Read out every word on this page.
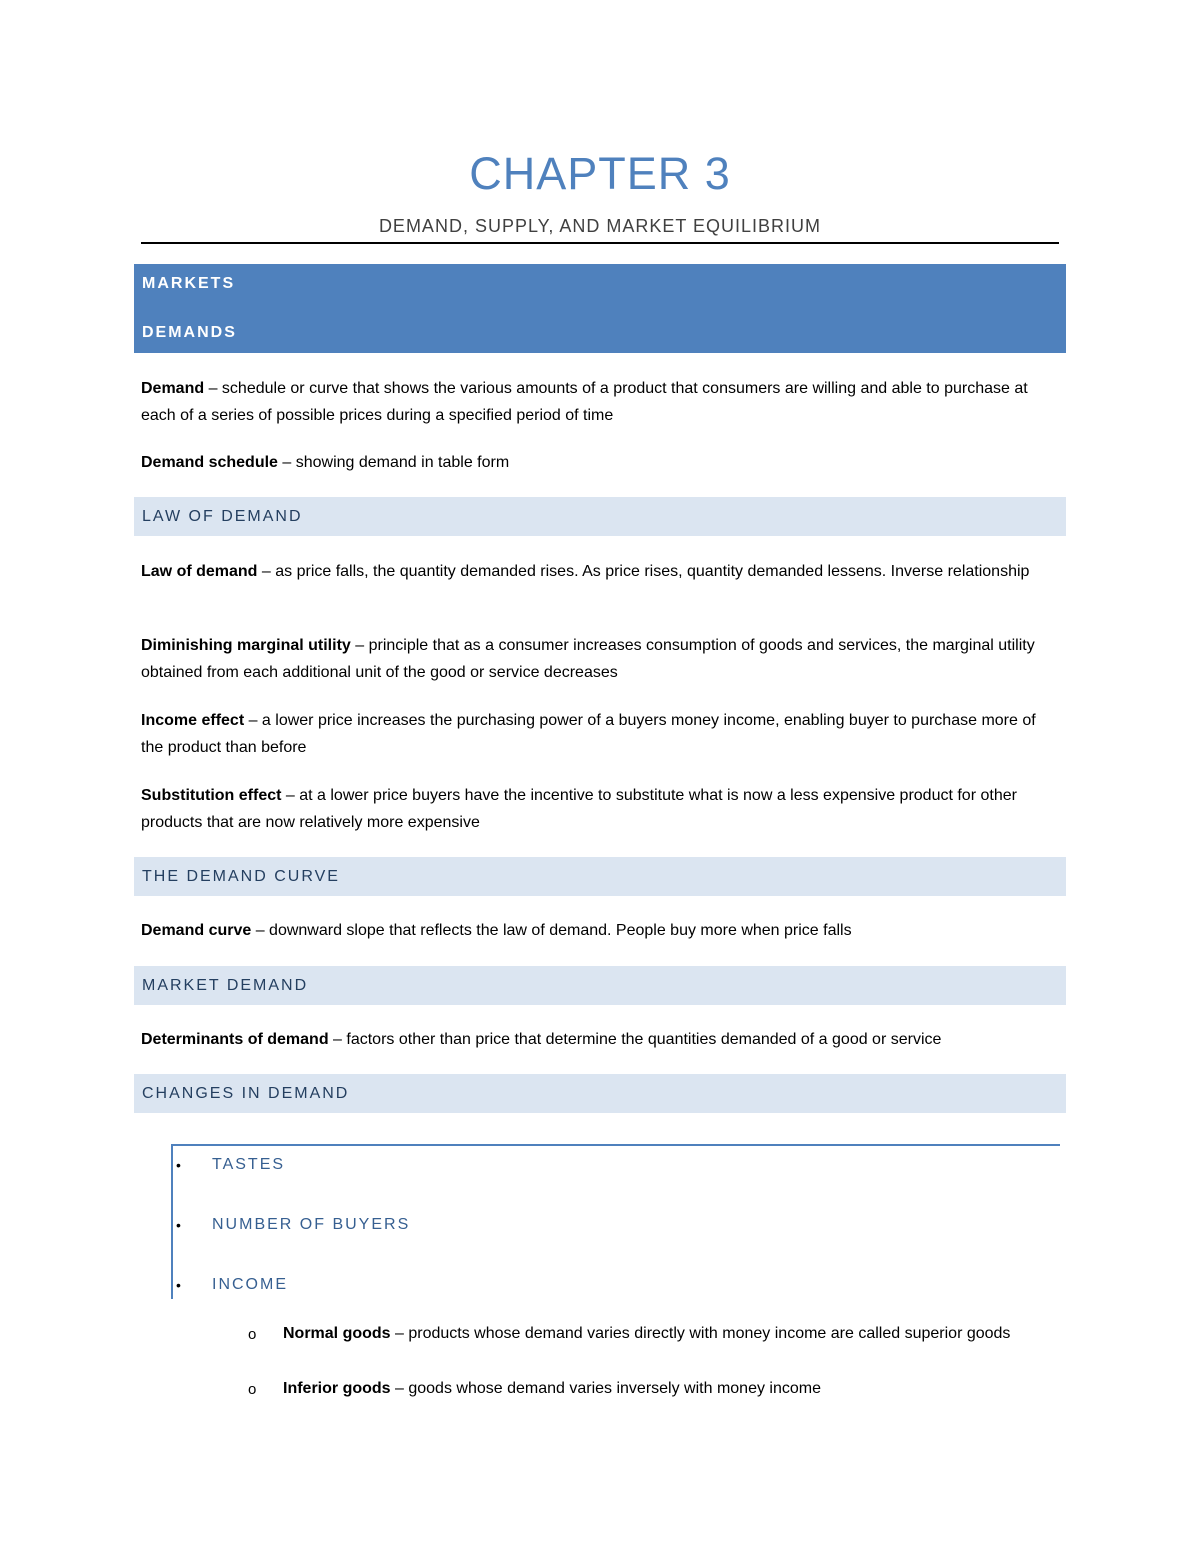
CHAPTER 3
DEMAND, SUPPLY, AND MARKET EQUILIBRIUM
MARKETS
DEMANDS
Demand – schedule or curve that shows the various amounts of a product that consumers are willing and able to purchase at each of a series of possible prices during a specified period of time
Demand schedule – showing demand in table form
LAW OF DEMAND
Law of demand – as price falls, the quantity demanded rises. As price rises, quantity demanded lessens. Inverse relationship
Diminishing marginal utility – principle that as a consumer increases consumption of goods and services, the marginal utility obtained from each additional unit of the good or service decreases
Income effect – a lower price increases the purchasing power of a buyers money income, enabling buyer to purchase more of the product than before
Substitution effect – at a lower price buyers have the incentive to substitute what is now a less expensive product for other products that are now relatively more expensive
THE DEMAND CURVE
Demand curve – downward slope that reflects the law of demand. People buy more when price falls
MARKET DEMAND
Determinants of demand – factors other than price that determine the quantities demanded of a good or service
CHANGES IN DEMAND
• TASTES
• NUMBER OF BUYERS
• INCOME
o Normal goods – products whose demand varies directly with money income are called superior goods
o Inferior goods – goods whose demand varies inversely with money income
